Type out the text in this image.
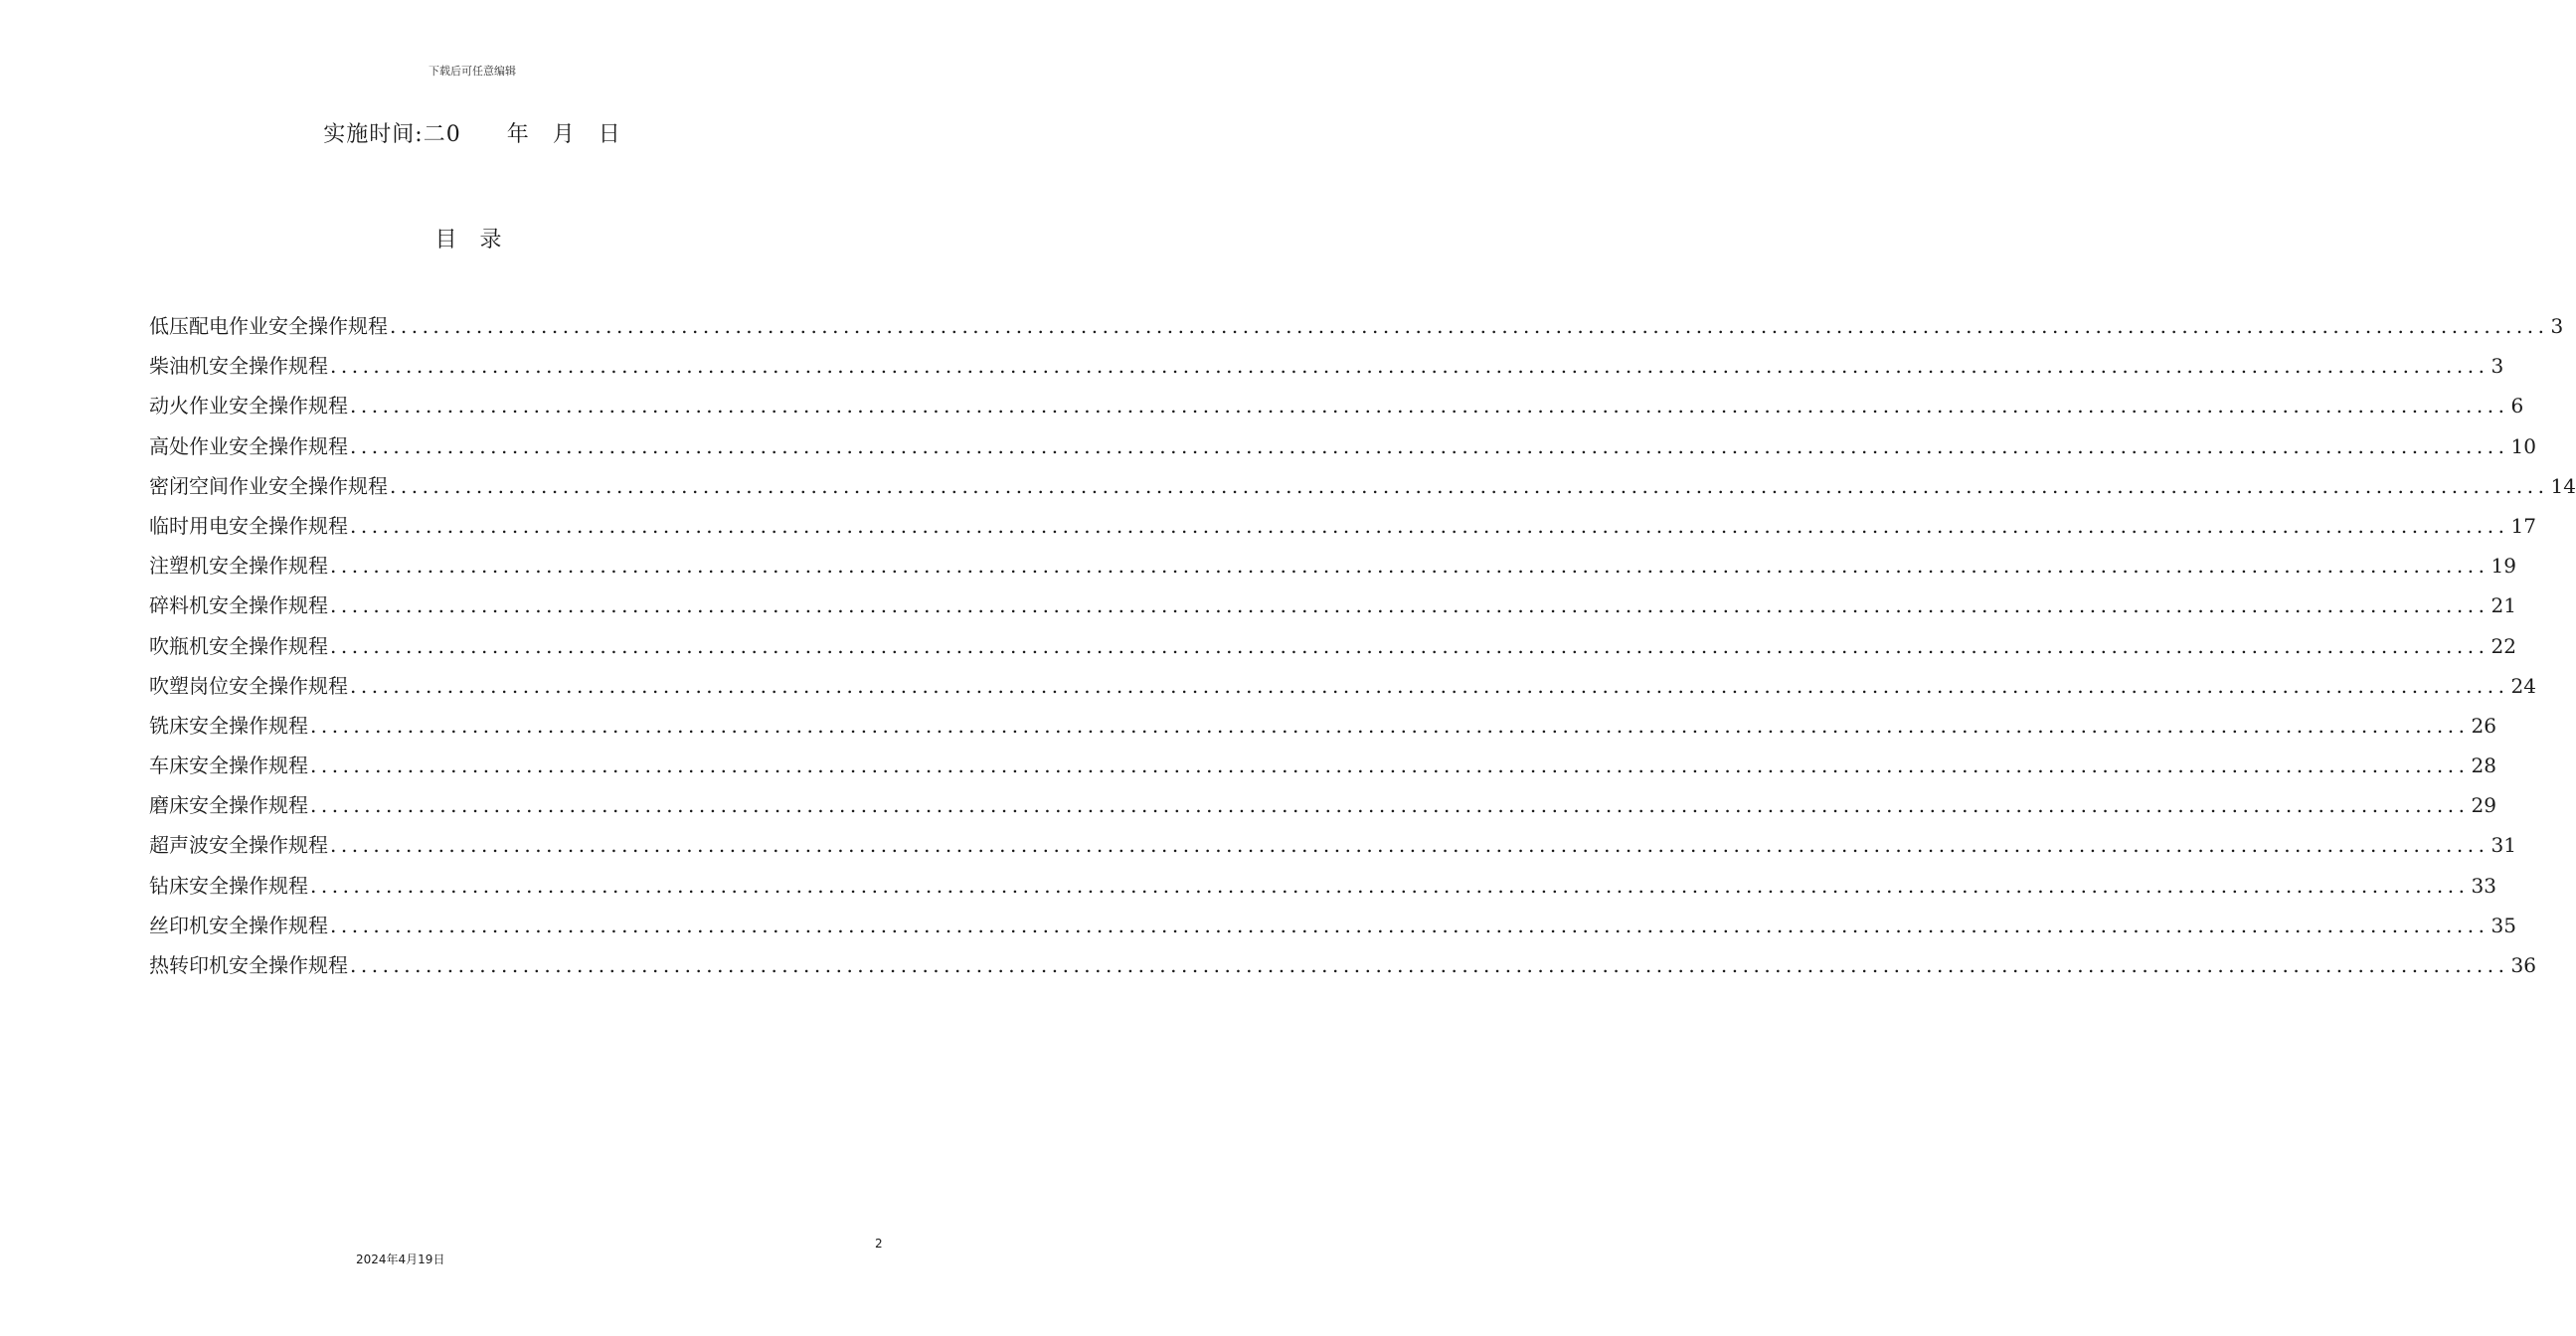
下载后可任意编辑
实施时间:二0　　年　月　日
目 录
低压配电作业安全操作规程 ........................................................................................................................................................................................................ 3
柴油机安全操作规程 ........................................................................................................................................................................................................ 3
动火作业安全操作规程 ........................................................................................................................................................................................................ 6
高处作业安全操作规程 ........................................................................................................................................................................................................ 10
密闭空间作业安全操作规程 ........................................................................................................................................................................................................ 14
临时用电安全操作规程 ........................................................................................................................................................................................................ 17
注塑机安全操作规程 ........................................................................................................................................................................................................ 19
碎料机安全操作规程 ........................................................................................................................................................................................................ 21
吹瓶机安全操作规程 ........................................................................................................................................................................................................ 22
吹塑岗位安全操作规程 ........................................................................................................................................................................................................ 24
铣床安全操作规程 ........................................................................................................................................................................................................ 26
车床安全操作规程 ........................................................................................................................................................................................................ 28
磨床安全操作规程 ........................................................................................................................................................................................................ 29
超声波安全操作规程 ........................................................................................................................................................................................................ 31
钻床安全操作规程 ........................................................................................................................................................................................................ 33
丝印机安全操作规程 ........................................................................................................................................................................................................ 35
热转印机安全操作规程 ........................................................................................................................................................................................................ 36
2
2024年4月19日
